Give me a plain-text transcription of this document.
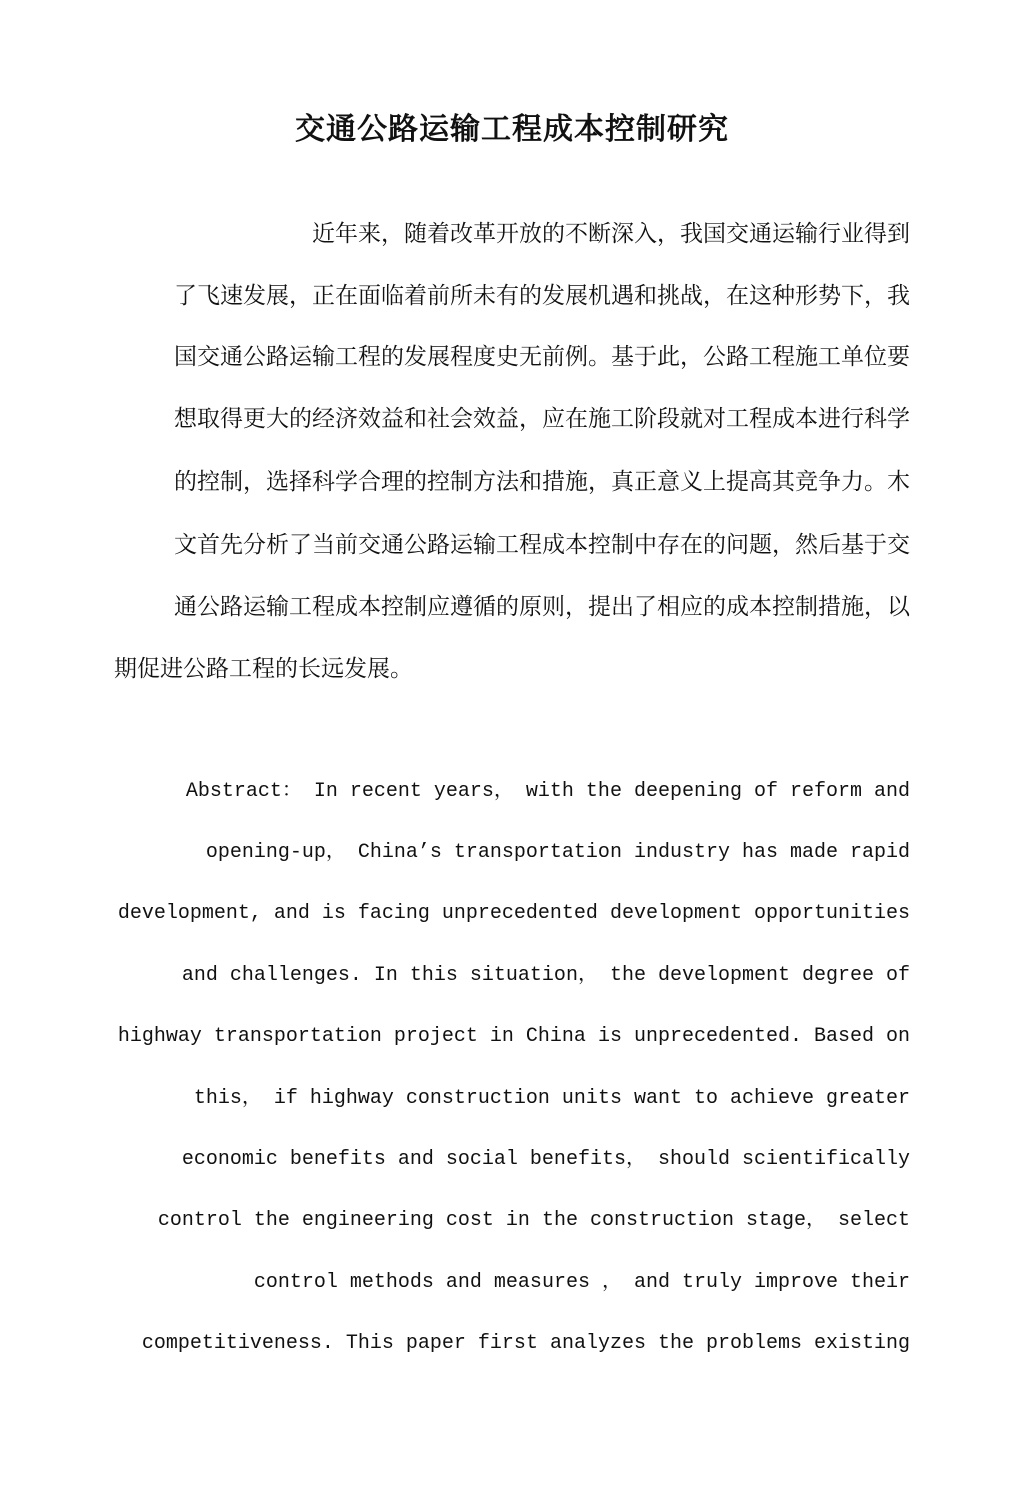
交通公路运输工程成本控制研究
近年来，随着改革开放的不断深入，我国交通运输行业得到
了飞速发展，正在面临着前所未有的发展机遇和挑战，在这种形势下，我
国交通公路运输工程的发展程度史无前例。基于此，公路工程施工单位要
想取得更大的经济效益和社会效益，应在施工阶段就对工程成本进行科学
的控制，选择科学合理的控制方法和措施，真正意义上提高其竞争力。木
文首先分析了当前交通公路运输工程成本控制中存在的问题，然后基于交
通公路运输工程成本控制应遵循的原则，提出了相应的成本控制措施，以
期促进公路工程的长远发展。
Abstract： In recent years， with the deepening of reform and
opening-up， China’s transportation industry has made rapid
development, and is facing unprecedented development opportunities
and challenges. In this situation， the development degree of
highway transportation project in China is unprecedented. Based on
this， if highway construction units want to achieve greater
economic benefits and social benefits， should scientifically
control the engineering cost in the construction stage， select
control methods and measures ， and truly improve their
competitiveness. This paper first analyzes the problems existing
